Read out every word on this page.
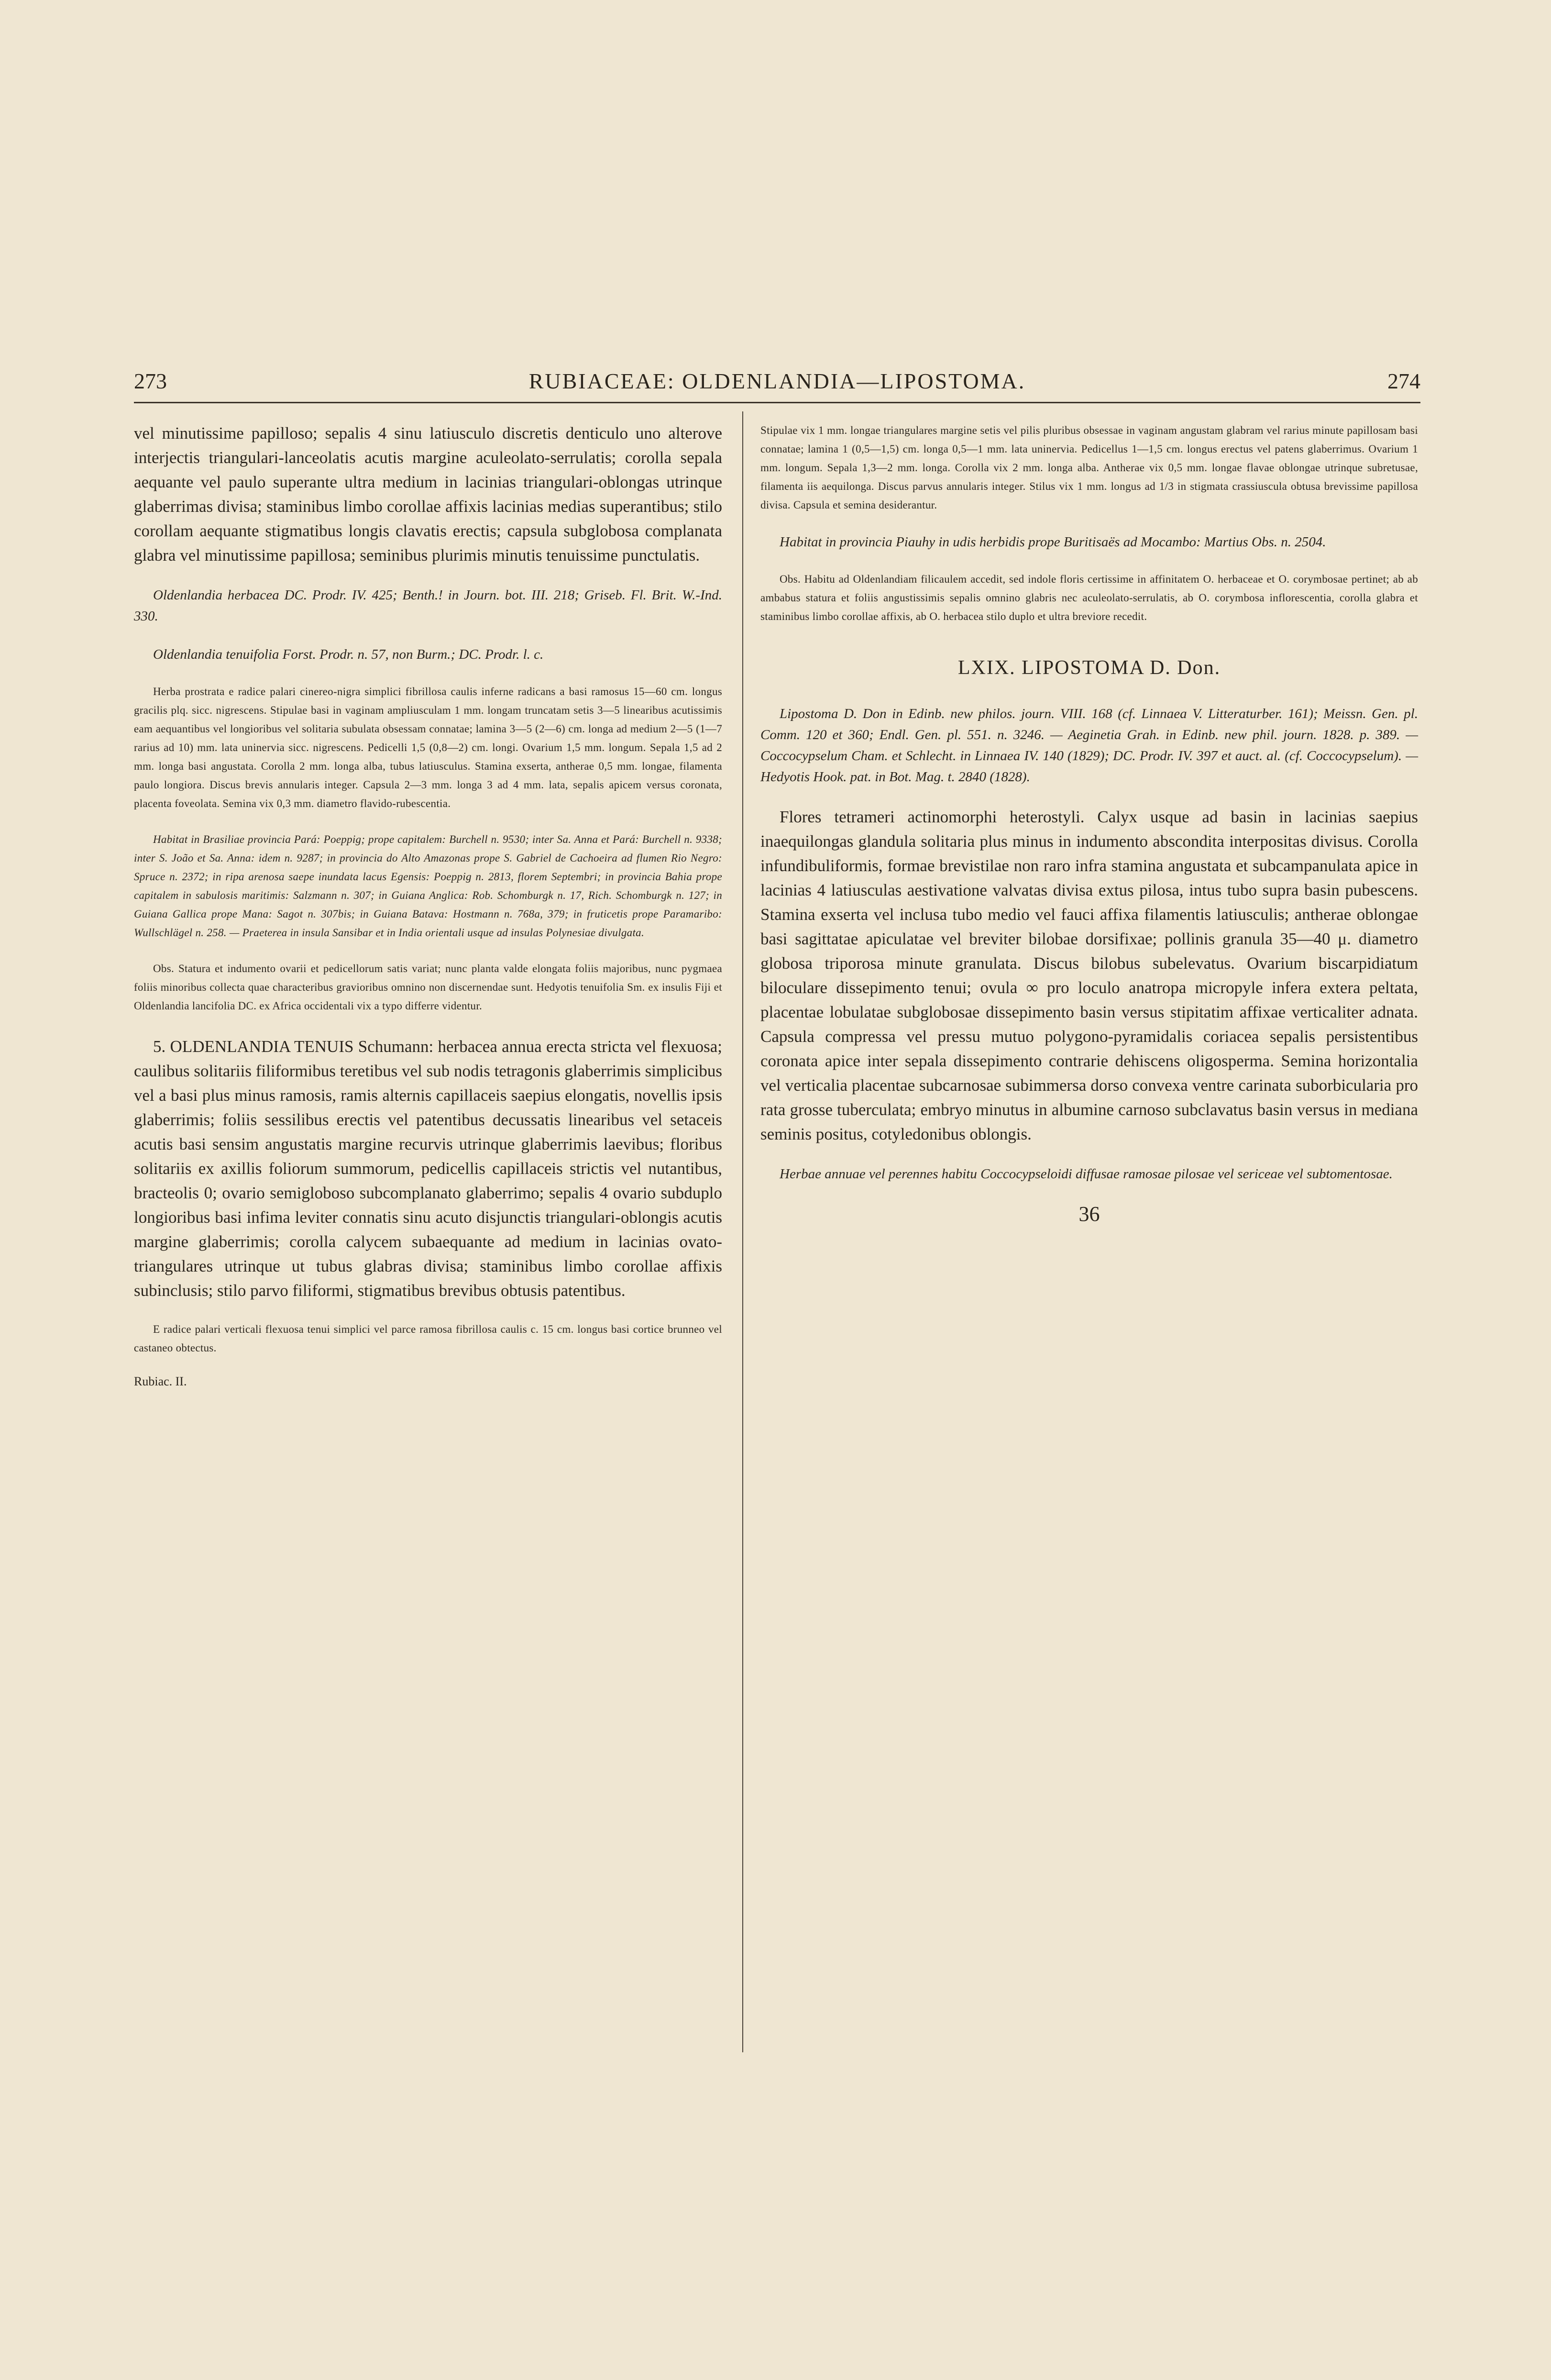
273	RUBIACEAE: OLDENLANDIA—LIPOSTOMA.	274

vel minutissime papilloso; sepalis 4 sinu latiusculo discretis denticulo uno alterove interjectis triangulari-lanceolatis acutis margine aculeolato-serrulatis; corolla sepala aequante vel paulo superante ultra medium in lacinias triangulari-oblongas utrinque glaberrimas divisa; staminibus limbo corollae affixis lacinias medias superantibus; stilo corollam aequante stigmatibus longis clavatis erectis; capsula subglobosa complanata glabra vel minutissime papillosa; seminibus plurimis minutis tenuissime punctulatis.

Oldenlandia herbacea DC. Prodr. IV. 425; Benth.! in Journ. bot. III. 218; Griseb. Fl. Brit. W.-Ind. 330.

Oldenlandia tenuifolia Forst. Prodr. n. 57, non Burm.; DC. Prodr. l. c.

Herba prostrata e radice palari cinereo-nigra simplici fibrillosa caulis inferne radicans a basi ramosus 15—60 cm. longus gracilis plq. sicc. nigrescens. Stipulae basi in vaginam ampliusculam 1 mm. longam truncatam setis 3—5 linearibus acutissimis eam aequantibus vel longioribus vel solitaria subulata obsessam connatae; lamina 3—5 (2—6) cm. longa ad medium 2—5 (1—7 rarius ad 10) mm. lata uninervia sicc. nigrescens. Pedicelli 1,5 (0,8—2) cm. longi. Ovarium 1,5 mm. longum. Sepala 1,5 ad 2 mm. longa basi angustata. Corolla 2 mm. longa alba, tubus latiusculus. Stamina exserta, antherae 0,5 mm. longae, filamenta paulo longiora. Discus brevis annularis integer. Capsula 2—3 mm. longa 3 ad 4 mm. lata, sepalis apicem versus coronata, placenta foveolata. Semina vix 0,3 mm. diametro flavido-rubescentia.

Habitat in Brasiliae provincia Pará: Poeppig; prope capitalem: Burchell n. 9530; inter Sa. Anna et Pará: Burchell n. 9338; inter S. João et Sa. Anna: idem n. 9287; in provincia do Alto Amazonas prope S. Gabriel de Cachoeira ad flumen Rio Negro: Spruce n. 2372; in ripa arenosa saepe inundata lacus Egensis: Poeppig n. 2813, florет Septembri; in provincia Bahia prope capitalem in sabulosis maritimis: Salzmann n. 307; in Guiana Anglica: Rob. Schomburgk n. 17, Rich. Schomburgk n. 127; in Guiana Gallica prope Mana: Sagot n. 307bis; in Guiana Batava: Hostmann n. 768a, 379; in fruticetis prope Paramaribo: Wullschlägel n. 258. — Praeterea in insula Sansibar et in India orientali usque ad insulas Polynesiae divulgata.

Obs. Statura et indumento ovarii et pedicellorum satis variat; nunc planta valde elongata foliis majoribus, nunc pygmaea foliis minoribus collecta quae characteribus gravioribus omnino non discernendae sunt. Hedyotis tenuifolia Sm. ex insulis Fiji et Oldenlandia lancifolia DC. ex Africa occidentali vix a typo differre videntur.

5. OLDENLANDIA TENUIS Schumann: herbacea annua erecta stricta vel flexuosa; caulibus solitariis filiformibus teretibus vel sub nodis tetragonis glaberrimis simplicibus vel a basi plus minus ramosis, ramis alternis capillaceis saepius elongatis, novellis ipsis glaberrimis; foliis sessilibus erectis vel patentibus decussatis linearibus vel setaceis acutis basi sensim angustatis margine recurvis utrinque glaberrimis laevibus; floribus solitariis ex axillis foliorum summorum, pedicellis capillaceis strictis vel nutantibus, bracteolis 0; ovario semiglobosо subcomplanato glaberrimo; sepalis 4 ovario subduplo longioribus basi infima leviter connatis sinu acuto disjunctis triangulari-oblongis acutis margine glaberrimis; corolla calycem subaequante ad medium in lacinias ovato-triangulares utrinque ut tubus glabras divisa; staminibus limbo corollae affixis subinclusis; stilo parvo filiformi, stigmatibus brevibus obtusis patentibus.

E radice palari verticali flexuosa tenui simplici vel parce ramosa fibrillosa caulis c. 15 cm. longus basi cortice brunneo vel castaneo obtectus.

Rubiac. II.

Stipulae vix 1 mm. longae triangulares margine setis vel pilis pluribus obsessae in vaginam angustam glabram vel rarius minute papillosam basi connatae; lamina 1 (0,5—1,5) cm. longa 0,5—1 mm. lata uninervia. Pedicellus 1—1,5 cm. longus erectus vel patens glaberrimus. Ovarium 1 mm. longum. Sepala 1,3—2 mm. longa. Corolla vix 2 mm. longa alba. Antherae vix 0,5 mm. longae flavae oblongae utrinque subretusae, filamenta iis aequilonga. Discus parvus annularis integer. Stilus vix 1 mm. longus ad 1/3 in stigmata crassiuscula obtusa brevissime papillosa divisa. Capsula et semina desiderantur.

Habitat in provincia Piauhy in udis herbidis prope Buritisaës ad Mocambo: Martius Obs. n. 2504.

Obs. Habitu ad Oldenlandiam filicaulem accedit, sed indole floris certissime in affinitatem O. herbaceae et O. corymbosae pertinet; ab ab ambabus statura et foliis angustissimis sepalis omnino glabris nec aculeolato-serrulatis, ab O. corymbosa inflorescentia, corolla glabra et staminibus limbo corollae affixis, ab O. herbacea stilo duplo et ultra breviore recedit.

LXIX. LIPOSTOMA D. Don.

Lipostoma D. Don in Edinb. new philos. journ. VIII. 168 (cf. Linnaea V. Litteraturber. 161); Meissn. Gen. pl. Comm. 120 et 360; Endl. Gen. pl. 551. n. 3246. — Aeginetia Grah. in Edinb. new phil. journ. 1828. p. 389. — Coccocypselum Cham. et Schlecht. in Linnaea IV. 140 (1829); DC. Prodr. IV. 397 et auct. al. (cf. Coccocypselum). — Hedyotis Hook. pat. in Bot. Mag. t. 2840 (1828).

Flores tetrameri actinomorphi heterostyli. Calyx usque ad basin in lacinias saepius inaequilongas glandula solitaria plus minus in indumento abscondita interpositas divisus. Corolla infundibuliformis, formae brevistilae non raro infra stamina angustata et subcampanulata apice in lacinias 4 latiusculas aestivatione valvatas divisa extus pilosa, intus tubo supra basin pubescens. Stamina exserta vel inclusa tubo medio vel fauci affixa filamentis latiusculis; antherae oblongae basi sagittatae apiculatae vel breviter bilobae dorsifixae; pollinis granula 35—40 μ. diametro globosa triporosa minute granulata. Discus bilobus subelevatus. Ovarium biscarpidiatum biloculare dissepimento tenui; ovula ∞ pro loculo anatropa micropyle infera extera peltata, placentae lobulatae subglobosae dissepimento basin versus stipitatim affixae verticaliter adnata. Capsula compressa vel pressu mutuo polygono-pyramidalis coriacea sepalis persistentibus coronata apice inter sepala dissepimento contrarie dehiscens oligosperma. Semina horizontalia vel verticalia placentae subcarnosae subimmersa dorso convexa ventre carinata suborbicularia pro rata grosse tuberculata; embryo minutus in albumine carnoso subclavatus basin versus in mediana seminis positus, cotyledonibus oblongis.

Herbae annuae vel perennes habitu Coccocypseloidi diffusae ramosae pilosae vel sericeae vel subtomentosae.

36
